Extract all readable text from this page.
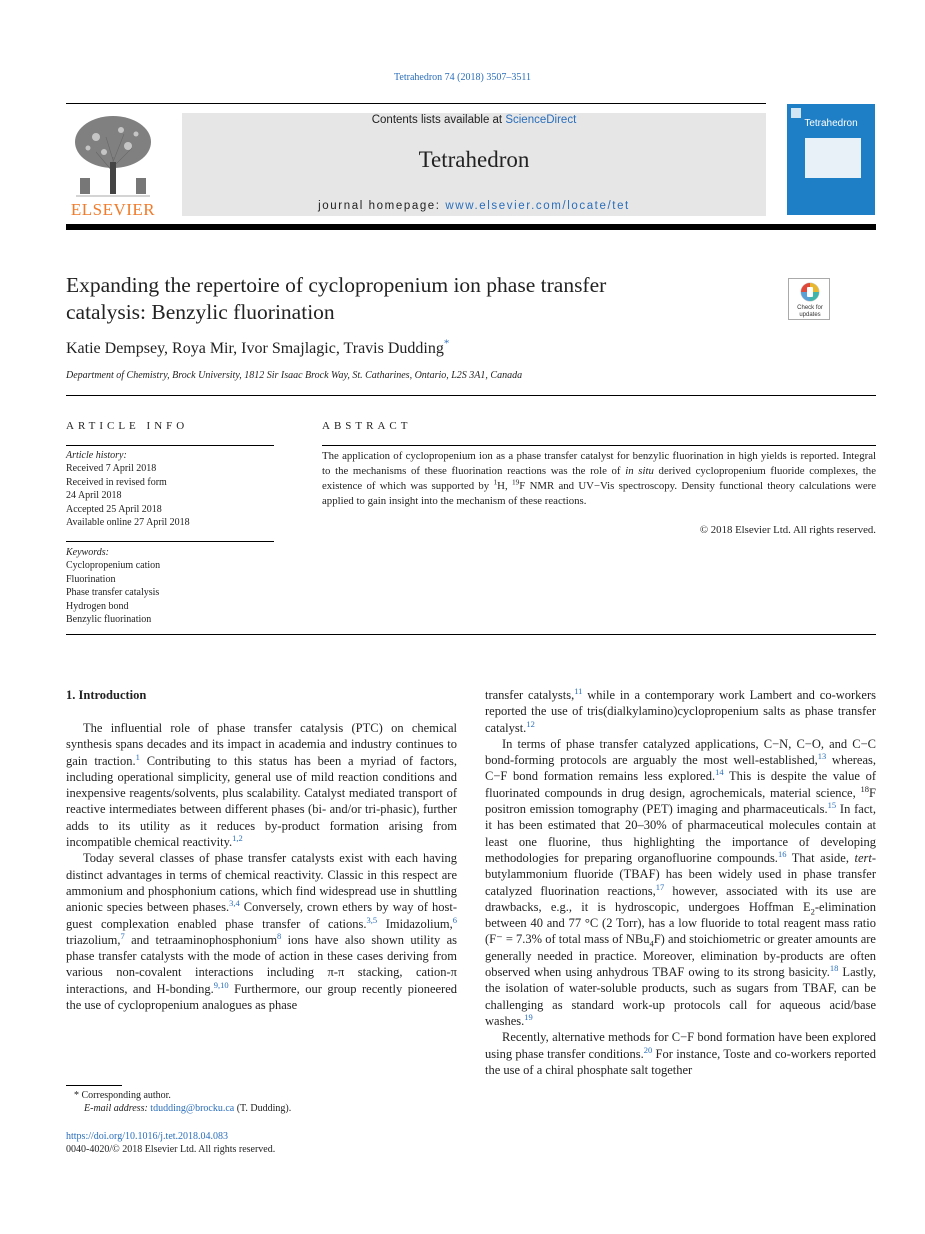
Tetrahedron 74 (2018) 3507–3511
ELSEVIER
Contents lists available at ScienceDirect
Tetrahedron
journal homepage: www.elsevier.com/locate/tet
Tetrahedron
Expanding the repertoire of cyclopropenium ion phase transfer
catalysis: Benzylic fluorination	Check for updates
Katie Dempsey, Roya Mir, Ivor Smajlagic, Travis Dudding*
Department of Chemistry, Brock University, 1812 Sir Isaac Brock Way, St. Catharines, Ontario, L2S 3A1, Canada
ARTICLE INFO
Article history:
Received 7 April 2018
Received in revised form
24 April 2018
Accepted 25 April 2018
Available online 27 April 2018
Keywords:
Cyclopropenium cation
Fluorination
Phase transfer catalysis
Hydrogen bond
Benzylic fluorination
ABSTRACT
The application of cyclopropenium ion as a phase transfer catalyst for benzylic fluorination in high yields is reported. Integral to the mechanisms of these fluorination reactions was the role of in situ derived cyclopropenium fluoride complexes, the existence of which was supported by $^1$H, $^{19}$F NMR and UV−Vis spectroscopy. Density functional theory calculations were applied to gain insight into the mechanism of these reactions.
© 2018 Elsevier Ltd. All rights reserved.
1. Introduction

The influential role of phase transfer catalysis (PTC) on chemical synthesis spans decades and its impact in academia and industry continues to gain traction.$^1$ Contributing to this status has been a myriad of factors, including operational simplicity, general use of mild reaction conditions and inexpensive reagents/solvents, plus scalability. Catalyst mediated transport of reactive intermediates between different phases (bi- and/or tri-phasic), further adds to its utility as it reduces by-product formation arising from incompatible chemical reactivity.$^{1,2}$

Today several classes of phase transfer catalysts exist with each having distinct advantages in terms of chemical reactivity. Classic in this respect are ammonium and phosphonium cations, which find widespread use in shuttling anionic species between phases.$^{3,4}$ Conversely, crown ethers by way of host-guest complexation enabled phase transfer of cations.$^{3,5}$ Imidazolium,$^6$ triazolium,$^7$ and tetraaminophosphonium$^8$ ions have also shown utility as phase transfer catalysts with the mode of action in these cases deriving from various non-covalent interactions including π-π stacking, cation-π interactions, and H-bonding.$^{9,10}$ Furthermore, our group recently pioneered the use of cyclopropenium analogues as phase

transfer catalysts,$^{11}$ while in a contemporary work Lambert and co-workers reported the use of tris(dialkylamino)cyclopropenium salts as phase transfer catalyst.$^{12}$

In terms of phase transfer catalyzed applications, C−N, C−O, and C−C bond-forming protocols are arguably the most well-established,$^{13}$ whereas, C−F bond formation remains less explored.$^{14}$ This is despite the value of fluorinated compounds in drug design, agrochemicals, material science, $^{18}$F positron emission tomography (PET) imaging and pharmaceuticals.$^{15}$ In fact, it has been estimated that 20–30% of pharmaceutical molecules contain at least one fluorine, thus highlighting the importance of developing methodologies for preparing organofluorine compounds.$^{16}$ That aside, tert-butylammonium fluoride (TBAF) has been widely used in phase transfer catalyzed fluorination reactions,$^{17}$ however, associated with its use are drawbacks, e.g., it is hydroscopic, undergoes Hoffman $E_2$-elimination between 40 and 77 °C (2 Torr), has a low fluoride to total reagent mass ratio (F⁻ = 7.3% of total mass of NBu$_4$F) and stoichiometric or greater amounts are generally needed in practice. Moreover, elimination by-products are often observed when using anhydrous TBAF owing to its strong basicity.$^{18}$ Lastly, the isolation of water-soluble products, such as sugars from TBAF, can be challenging as standard work-up protocols call for aqueous acid/base washes.$^{19}$

Recently, alternative methods for C−F bond formation have been explored using phase transfer conditions.$^{20}$ For instance, Toste and co-workers reported the use of a chiral phosphate salt together

* Corresponding author.
E-mail address: tdudding@brocku.ca (T. Dudding).
https://doi.org/10.1016/j.tet.2018.04.083
0040-4020/© 2018 Elsevier Ltd. All rights reserved.
